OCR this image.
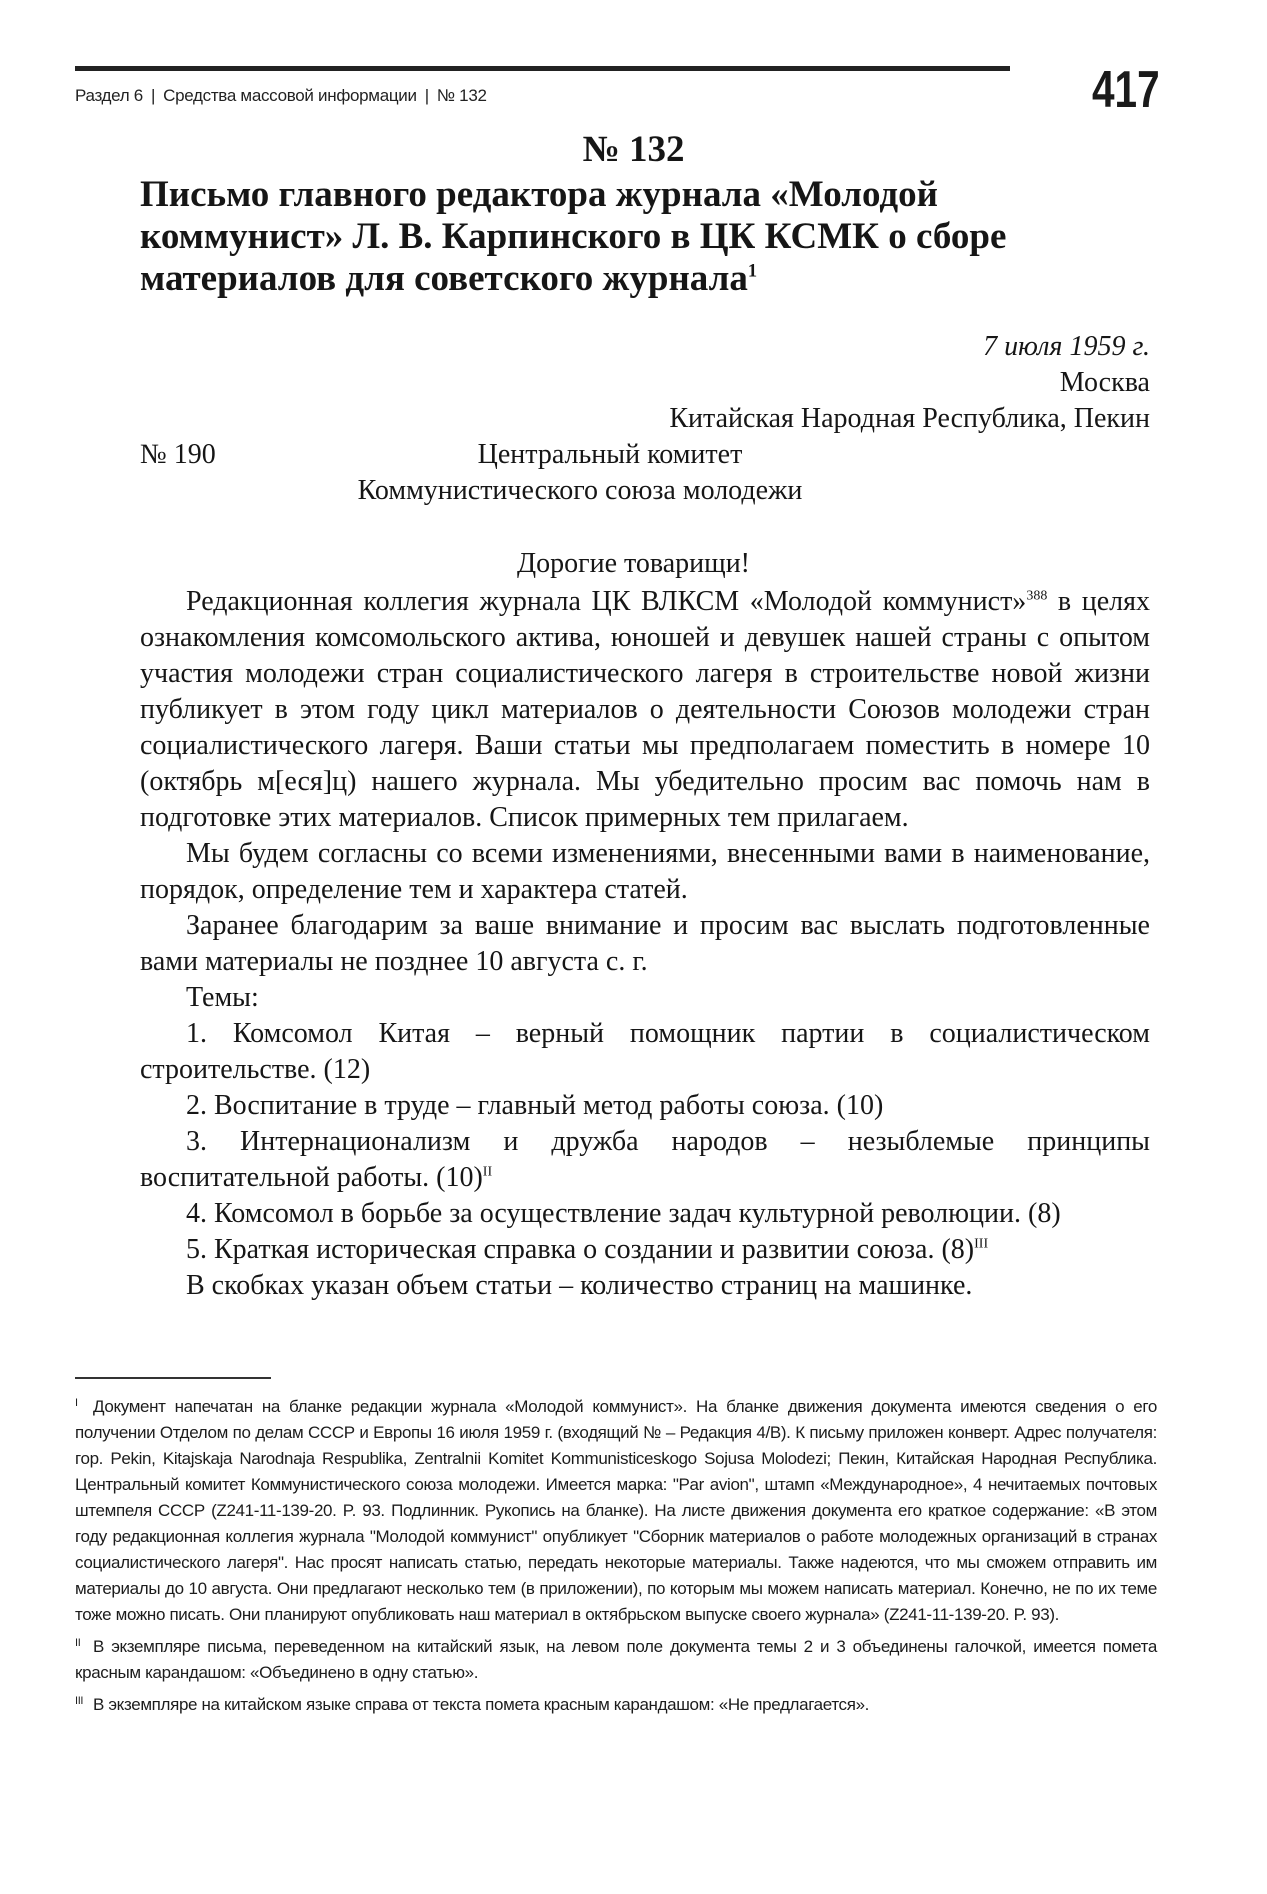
Раздел 6 | Средства массовой информации | № 132	417
№ 132
Письмо главного редактора журнала «Молодой
коммунист» Л. В. Карпинского в ЦК КСМК о сборе
материалов для советского журнала$^1$
7 июля 1959 г.
Москва
Китайская Народная Республика, Пекин
№ 190	Центральный комитет
Коммунистического союза молодежи
Дорогие товарищи!

  Редакционная коллегия журнала ЦК ВЛКСМ «Молодой коммунист»$^{388}$ в целях ознакомления комсомольского актива, юношей и девушек нашей страны с опытом участия молодежи стран социалистического лагеря в строительстве новой жизни публикует в этом году цикл материалов о деятельности Союзов молодежи стран социалистического лагеря. Ваши статьи мы предполагаем поместить в номере 10 (октябрь м[еся]ц) нашего журнала. Мы убедительно просим вас помочь нам в подготовке этих материалов. Список примерных тем прилагаем.

  Мы будем согласны со всеми изменениями, внесенными вами в наименование, порядок, определение тем и характера статей.

  Заранее благодарим за ваше внимание и просим вас выслать подготовленные вами материалы не позднее 10 августа с. г.

  Темы:

  1. Комсомол Китая – верный помощник партии в социалистическом строительстве. (12)

  2. Воспитание в труде – главный метод работы союза. (10)

  3. Интернационализм и дружба народов – незыблемые принципы воспитательной работы. $(10)^{II}$

  4. Комсомол в борьбе за осуществление задач культурной революции. (8)

  5. Краткая историческая справка о создании и развитии союза. $(8)^{III}$

  В скобках указан объем статьи – количество страниц на машинке.

I Документ напечатан на бланке редакции журнала «Молодой коммунист». На бланке движения документа имеются сведения о его получении Отделом по делам СССР и Европы 16 июля 1959 г. (входящий № – Редакция 4/В). К письму приложен конверт. Адрес получателя: гор. Pekin, Kitajskaja Narodnaja Respublika, Zentralnii Komitet Kommunisticeskogo Sojusa Molodezi; Пекин, Китайская Народная Республика. Центральный комитет Коммунистического союза молодежи. Имеется марка: "Par avion", штамп «Международное», 4 нечитаемых почтовых штемпеля СССР (Z241-11-139-20. P. 93. Подлинник. Рукопись на бланке). На листе движения документа его краткое содержание: «В этом году редакционная коллегия журнала "Молодой коммунист" опубликует "Сборник материалов о работе молодежных организаций в странах социалистического лагеря". Нас просят написать статью, передать некоторые материалы. Также надеются, что мы сможем отправить им материалы до 10 августа. Они предлагают несколько тем (в приложении), по которым мы можем написать материал. Конечно, не по их теме тоже можно писать. Они планируют опубликовать наш материал в октябрьском выпуске своего журнала» (Z241-11-139-20. P. 93).

II В экземпляре письма, переведенном на китайский язык, на левом поле документа темы 2 и 3 объединены галочкой, имеется помета красным карандашом: «Объединено в одну статью».

III В экземпляре на китайском языке справа от текста помета красным карандашом: «Не предлагается».
